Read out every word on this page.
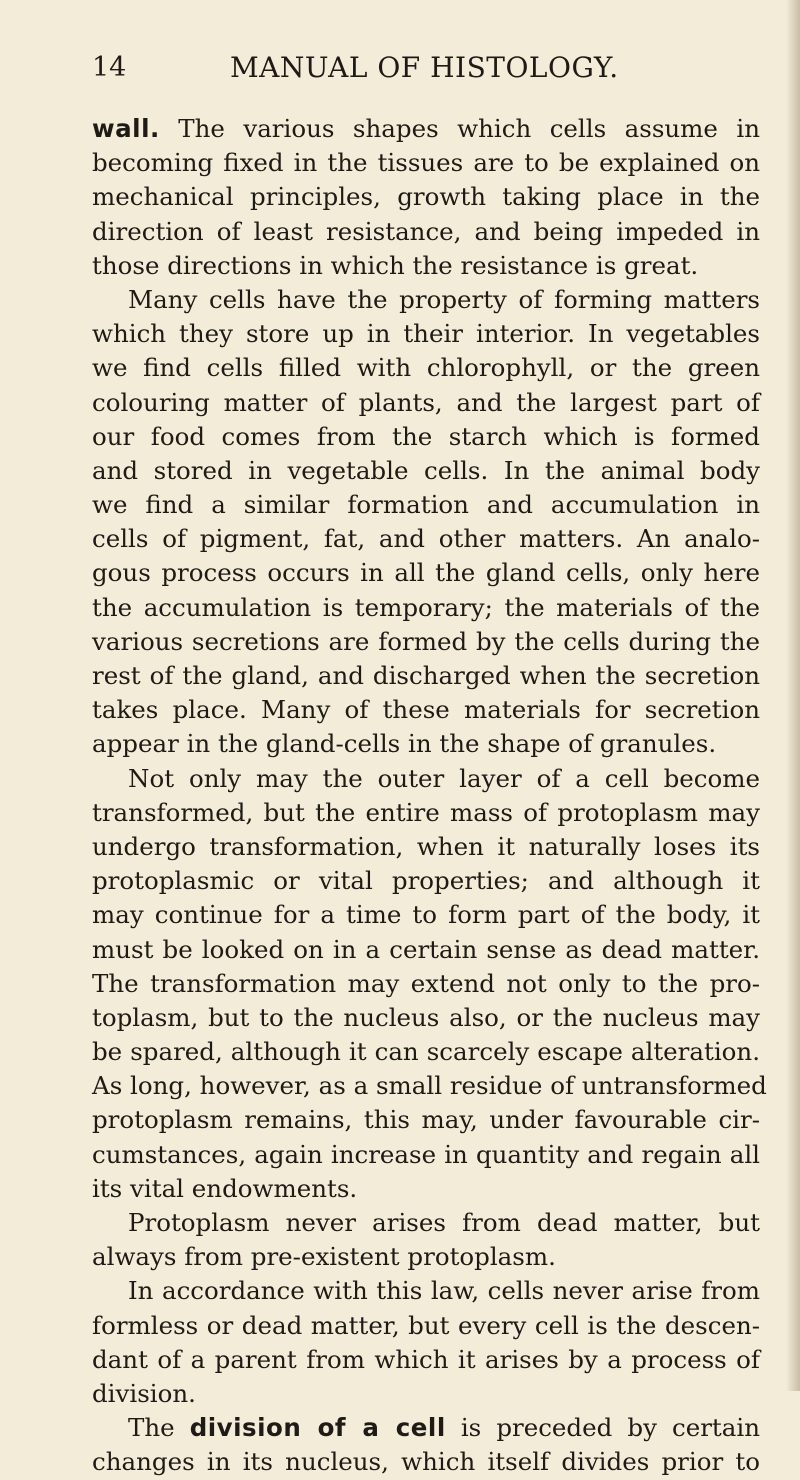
14	MANUAL OF HISTOLOGY.
wall. The various shapes which cells assume in
becoming fixed in the tissues are to be explained on
mechanical principles, growth taking place in the
direction of least resistance, and being impeded in
those directions in which the resistance is great.
Many cells have the property of forming matters
which they store up in their interior. In vegetables
we find cells filled with chlorophyll, or the green
colouring matter of plants, and the largest part of
our food comes from the starch which is formed
and stored in vegetable cells. In the animal body
we find a similar formation and accumulation in
cells of pigment, fat, and other matters. An analo-
gous process occurs in all the gland cells, only here
the accumulation is temporary; the materials of the
various secretions are formed by the cells during the
rest of the gland, and discharged when the secretion
takes place. Many of these materials for secretion
appear in the gland-cells in the shape of granules.
Not only may the outer layer of a cell become
transformed, but the entire mass of protoplasm may
undergo transformation, when it naturally loses its
protoplasmic or vital properties; and although it
may continue for a time to form part of the body, it
must be looked on in a certain sense as dead matter.
The transformation may extend not only to the pro-
toplasm, but to the nucleus also, or the nucleus may
be spared, although it can scarcely escape alteration.
As long, however, as a small residue of untransformed
protoplasm remains, this may, under favourable cir-
cumstances, again increase in quantity and regain all
its vital endowments.
Protoplasm never arises from dead matter, but
always from pre-existent protoplasm.
In accordance with this law, cells never arise from
formless or dead matter, but every cell is the descen-
dant of a parent from which it arises by a process of
division.
The division of a cell is preceded by certain
changes in its nucleus, which itself divides prior to
